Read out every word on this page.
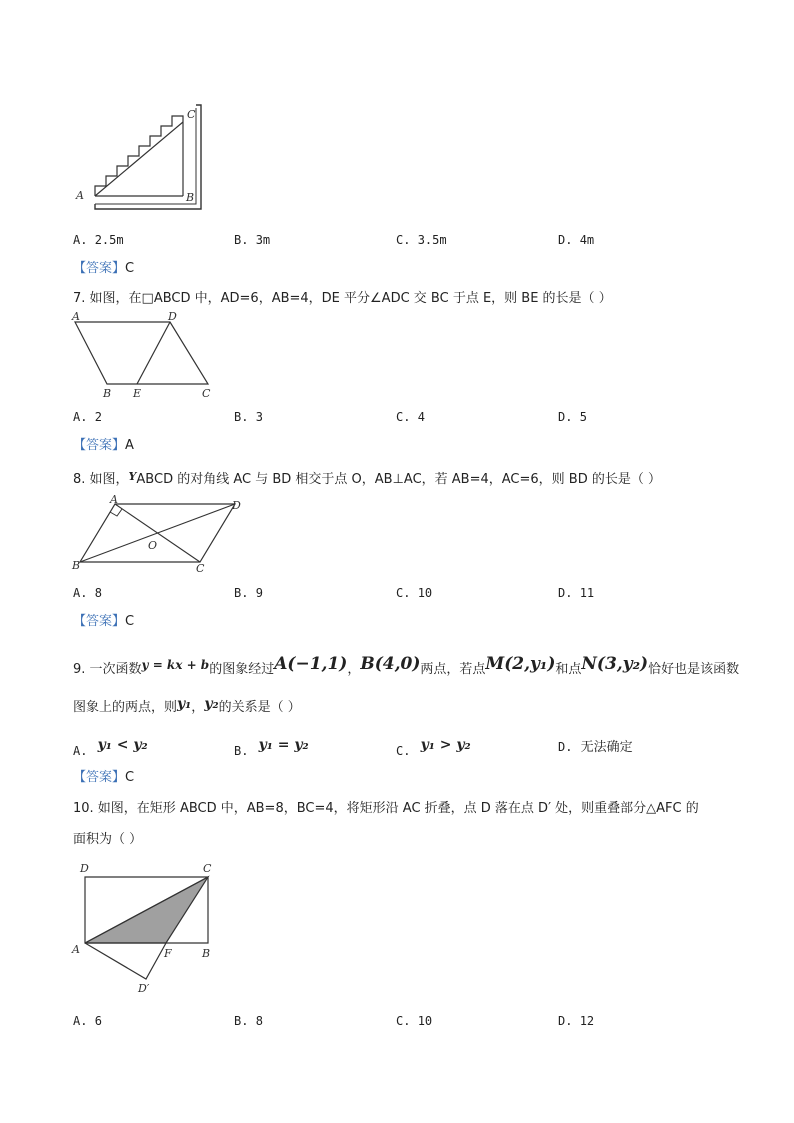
A	B
C
A. 2.5m	B. 3m	C. 3.5m	D. 4m
【答案】C
7. 如图，在□ABCD 中，AD=6，AB=4，DE 平分∠ADC 交 BC 于点 E，则 BE 的长是（ ）
A	D
B E	C
A. 2	B. 3	C. 4	D. 5
【答案】A
8. 如图，$^Y$ABCD 的对角线 AC 与 BD 相交于点 O，AB⊥AC，若 AB=4，AC=6，则 BD 的长是（ ）
A	D
O
B	C
A. 8	B. 9	C. 10	D. 11
【答案】C
9. 一次函数y = kx + b的图象经过A(−1,1)，B(4,0)两点，若点M(2,y₁)和点N(3,y₂)恰好也是该函数
图象上的两点，则y₁，y₂的关系是（ ）
A. y₁ < y₂	B. y₁ = y₂	C. y₁ > y₂	D. 无法确定
【答案】C
10. 如图，在矩形 ABCD 中，AB=8，BC=4，将矩形沿 AC 折叠，点 D 落在点 D′ 处，则重叠部分△AFC 的
面积为（ ）
D	C
A	F	B
D′
A. 6	B. 8	C. 10	D. 12
